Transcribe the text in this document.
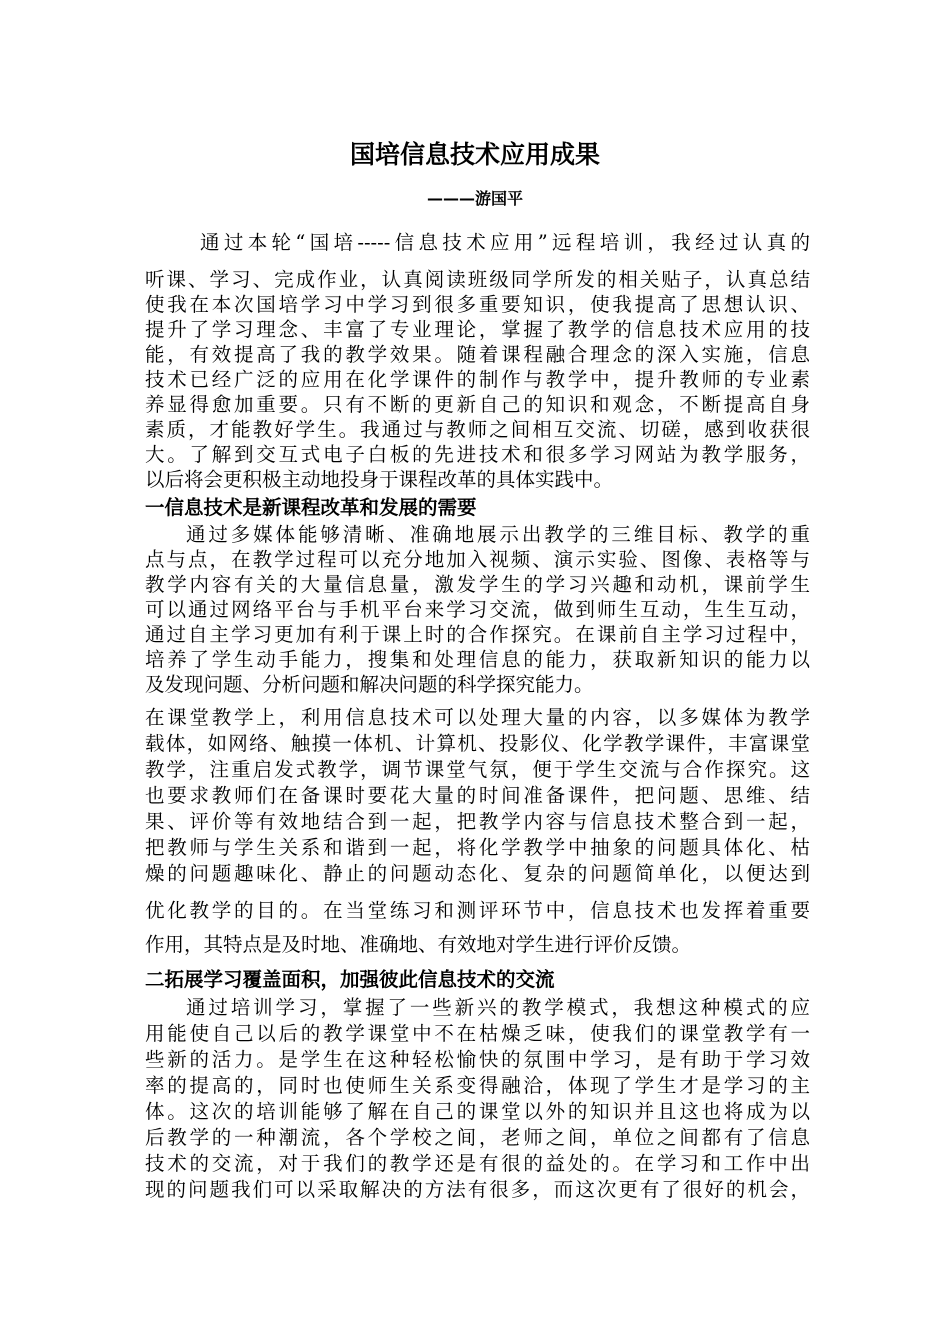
国培信息技术应用成果
———游国平
通过本轮“国培-----信息技术应用”远程培训，我经过认真的
听课、学习、完成作业，认真阅读班级同学所发的相关贴子，认真总结
使我在本次国培学习中学习到很多重要知识，使我提高了思想认识、
提升了学习理念、丰富了专业理论，掌握了教学的信息技术应用的技
能，有效提高了我的教学效果。随着课程融合理念的深入实施，信息
技术已经广泛的应用在化学课件的制作与教学中，提升教师的专业素
养显得愈加重要。只有不断的更新自己的知识和观念，不断提高自身
素质，才能教好学生。我通过与教师之间相互交流、切磋，感到收获很
大。了解到交互式电子白板的先进技术和很多学习网站为教学服务，
以后将会更积极主动地投身于课程改革的具体实践中。
一信息技术是新课程改革和发展的需要
通过多媒体能够清晰、准确地展示出教学的三维目标、教学的重
点与点，在教学过程可以充分地加入视频、演示实验、图像、表格等与
教学内容有关的大量信息量，激发学生的学习兴趣和动机，课前学生
可以通过网络平台与手机平台来学习交流，做到师生互动，生生互动，
通过自主学习更加有利于课上时的合作探究。在课前自主学习过程中，
培养了学生动手能力，搜集和处理信息的能力，获取新知识的能力以
及发现问题、分析问题和解决问题的科学探究能力。
在课堂教学上，利用信息技术可以处理大量的内容，以多媒体为教学
载体，如网络、触摸一体机、计算机、投影仪、化学教学课件，丰富课堂
教学，注重启发式教学，调节课堂气氛，便于学生交流与合作探究。这
也要求教师们在备课时要花大量的时间准备课件，把问题、思维、结
果、评价等有效地结合到一起，把教学内容与信息技术整合到一起，
把教师与学生关系和谐到一起，将化学教学中抽象的问题具体化、枯
燥的问题趣味化、静止的问题动态化、复杂的问题简单化，以便达到
优化教学的目的。在当堂练习和测评环节中，信息技术也发挥着重要
作用，其特点是及时地、准确地、有效地对学生进行评价反馈。
二拓展学习覆盖面积，加强彼此信息技术的交流
通过培训学习，掌握了一些新兴的教学模式，我想这种模式的应
用能使自己以后的教学课堂中不在枯燥乏味，使我们的课堂教学有一
些新的活力。是学生在这种轻松愉快的氛围中学习，是有助于学习效
率的提高的，同时也使师生关系变得融洽，体现了学生才是学习的主
体。这次的培训能够了解在自己的课堂以外的知识并且这也将成为以
后教学的一种潮流，各个学校之间，老师之间，单位之间都有了信息
技术的交流，对于我们的教学还是有很的益处的。在学习和工作中出
现的问题我们可以采取解决的方法有很多，而这次更有了很好的机会，
